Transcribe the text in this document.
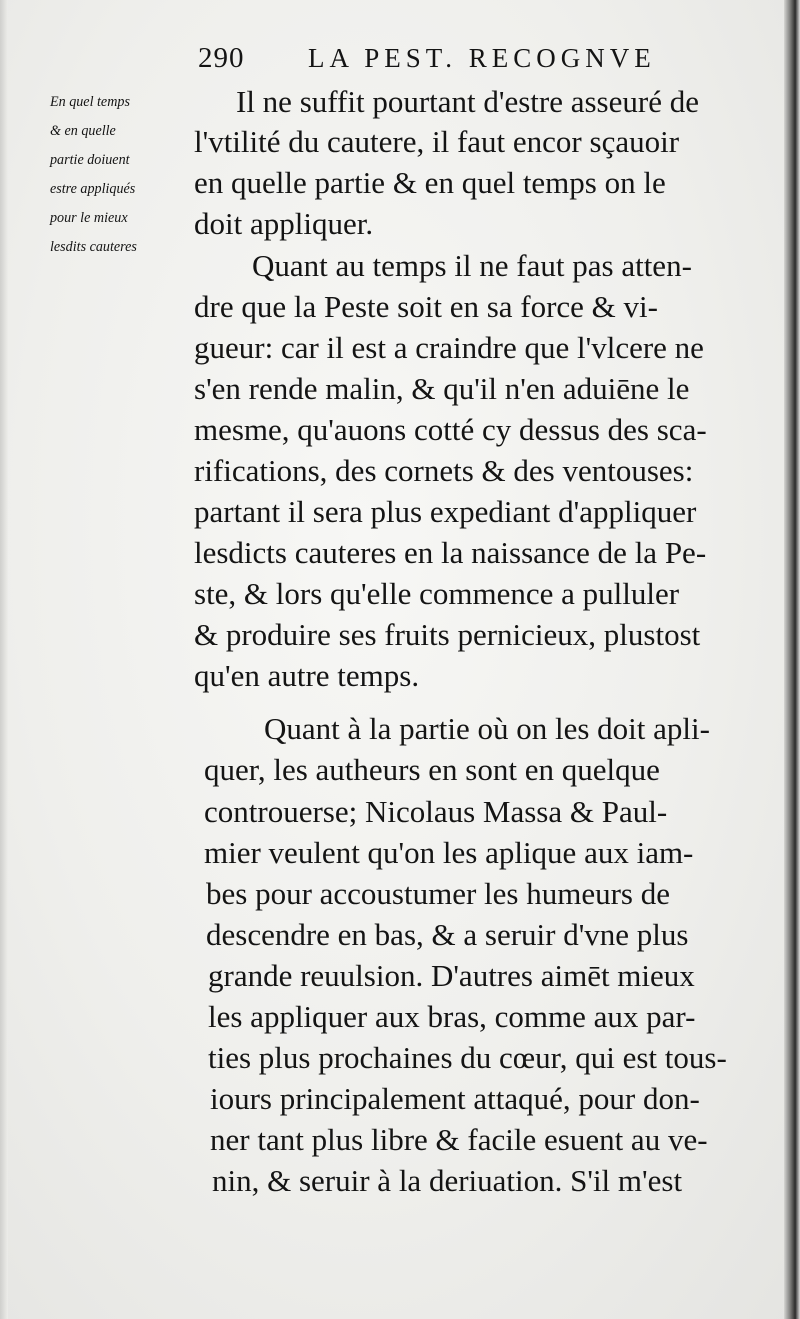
290 LA PEST. RECOGNVE
En quel temps
& en quelle
partie doiuent
estre appliqués
pour le mieux
lesdits cauteres
Il ne suffit pourtant d'estre asseuré de
l'vtilité du cautere, il faut encor sçauoir
en quelle partie & en quel temps on le
doit appliquer.
Quant au temps il ne faut pas atten-
dre que la Peste soit en sa force & vi-
gueur: car il est a craindre que l'vlcere ne
s'en rende malin, & qu'il n'en aduiēne le
mesme, qu'auons cotté cy dessus des sca-
rifications, des cornets & des ventouses:
partant il sera plus expediant d'appliquer
lesdicts cauteres en la naissance de la Pe-
ste, & lors qu'elle commence a pulluler
& produire ses fruits pernicieux, plustost
qu'en autre temps.
Quant à la partie où on les doit apli-
quer, les autheurs en sont en quelque
controuerse; Nicolaus Massa & Paul-
mier veulent qu'on les aplique aux iam-
bes pour accoustumer les humeurs de
descendre en bas, & a seruir d'vne plus
grande reuulsion. D'autres aimēt mieux
les appliquer aux bras, comme aux par-
ties plus prochaines du cœur, qui est tous-
iours principalement attaqué, pour don-
ner tant plus libre & facile esuent au ve-
nin, & seruir à la deriuation. S'il m'est
